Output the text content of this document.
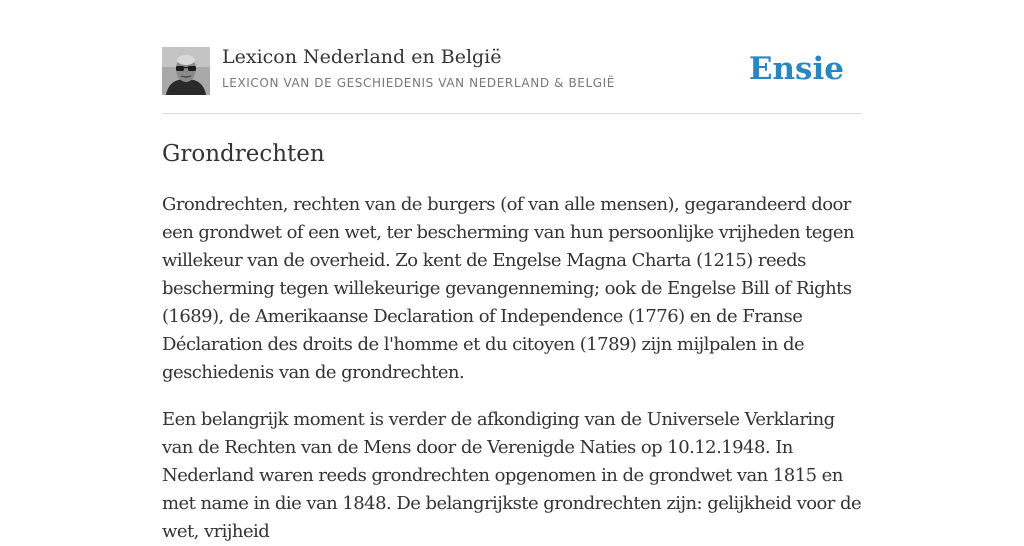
Lexicon Nederland en België
LEXICON VAN DE GESCHIEDENIS VAN NEDERLAND & BELGIË	Ensie
Grondrechten

Grondrechten, rechten van de burgers (of van alle mensen), gegarandeerd door een grondwet of een wet, ter bescherming van hun persoonlijke vrijheden tegen willekeur van de overheid. Zo kent de Engelse Magna Charta (1215) reeds bescherming tegen willekeurige gevangenneming; ook de Engelse Bill of Rights (1689), de Amerikaanse Declaration of Independence (1776) en de Franse Déclaration des droits de l'homme et du citoyen (1789) zijn mijlpalen in de geschiedenis van de grondrechten.

Een belangrijk moment is verder de afkondiging van de Universele Verklaring van de Rechten van de Mens door de Verenigde Naties op 10.12.1948. In Nederland waren reeds grondrechten opgenomen in de grondwet van 1815 en met name in die van 1848. De belangrijkste grondrechten zijn: gelijkheid voor de wet, vrijheid
